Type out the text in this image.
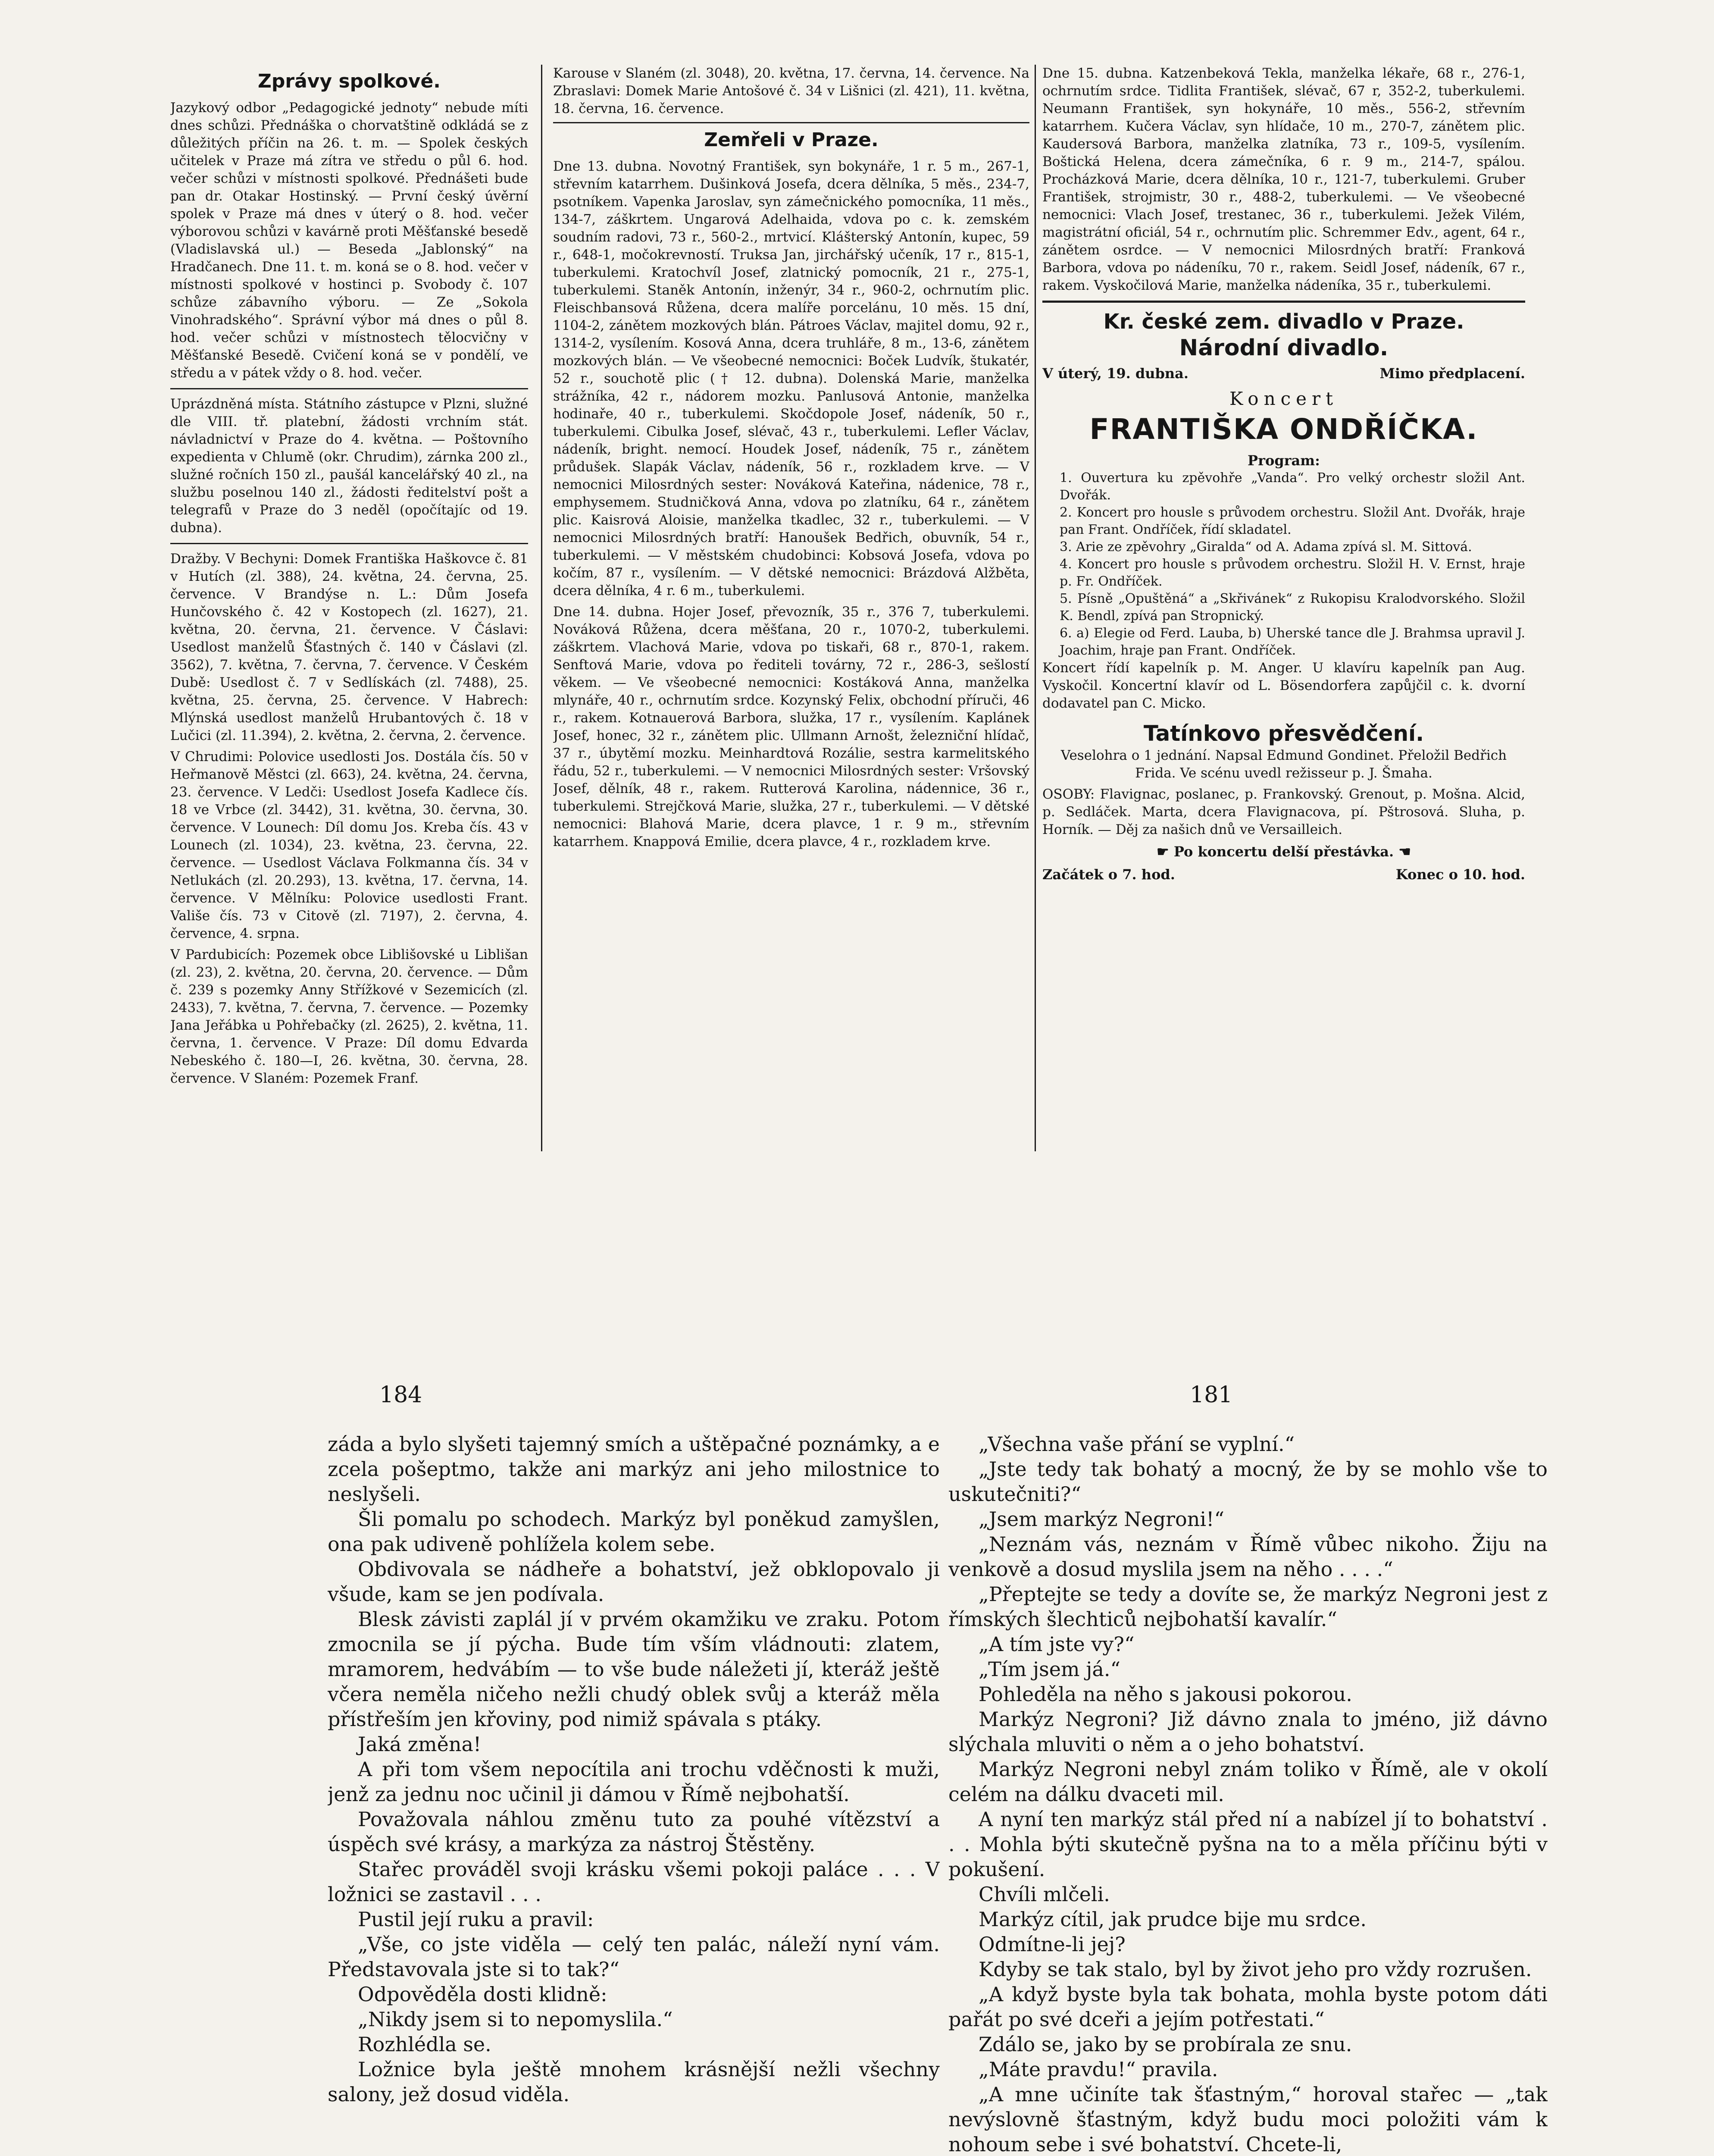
Zprávy spolkové.

Jazykový odbor „Pedagogické jednoty“ nebude míti dnes schůzi. Přednáška o chorvatštině odkládá se z důležitých příčin na 26. t. m. — Spolek českých učitelek v Praze má zítra ve středu o půl 6. hod. večer schůzi v místnosti spolkové. Přednášeti bude pan dr. Otakar Hostinský. — První český úvěrní spolek v Praze má dnes v úterý o 8. hod. večer výborovou schůzi v kavárně proti Měšťanské besedě (Vladislavská ul.) — Beseda „Jablonský“ na Hradčanech. Dne 11. t. m. koná se o 8. hod. večer v místnosti spolkové v hostinci p. Svobody č. 107 schůze zábavního výboru. — Ze „Sokola Vinohradského“. Správní výbor má dnes o půl 8. hod. večer schůzi v místnostech tělocvičny v Měšťanské Besedě. Cvičení koná se v pondělí, ve středu a v pátek vždy o 8. hod. večer.

Uprázdněná místa. Státního zástupce v Plzni, služné dle VIII. tř. platební, žádosti vrchním stát. návladnictví v Praze do 4. května. — Poštovního expedienta v Chlumě (okr. Chrudim), zárnka 200 zl., služné ročních 150 zl., paušál kancelářský 40 zl., na službu poselnou 140 zl., žádosti ředitelství pošt a telegrafů v Praze do 3 neděl (opočítajíc od 19. dubna).

Dražby. V Bechyni: Domek Františka Haškovce č. 81 v Hutích (zl. 388), 24. května, 24. června, 25. července. V Brandýse n. L.: Dům Josefa Hunčovského č. 42 v Kostopech (zl. 1627), 21. května, 20. června, 21. července. V Čáslavi: Usedlost manželů Šťastných č. 140 v Čáslavi (zl. 3562), 7. května, 7. června, 7. července. V Českém Dubě: Usedlost č. 7 v Sedlískách (zl. 7488), 25. května, 25. června, 25. července. V Habrech: Mlýnská usedlost manželů Hrubantových č. 18 v Lučici (zl. 11.394), 2. května, 2. června, 2. července.

V Chrudimi: Polovice usedlosti Jos. Dostála čís. 50 v Heřmanově Městci (zl. 663), 24. května, 24. června, 23. července. V Ledči: Usedlost Josefa Kadlece čís. 18 ve Vrbce (zl. 3442), 31. května, 30. června, 30. července. V Lounech: Díl domu Jos. Kreba čís. 43 v Lounech (zl. 1034), 23. května, 23. června, 22. července. — Usedlost Václava Folkmanna čís. 34 v Netlukách (zl. 20.293), 13. května, 17. června, 14. července. V Mělníku: Polovice usedlosti Frant. Vališe čís. 73 v Citově (zl. 7197), 2. června, 4. července, 4. srpna.

V Pardubicích: Pozemek obce Liblišovské u Liblišan (zl. 23), 2. května, 20. června, 20. července. — Dům č. 239 s pozemky Anny Střížkové v Sezemicích (zl. 2433), 7. května, 7. června, 7. července. — Pozemky Jana Jeřábka u Pohřebačky (zl. 2625), 2. května, 11. června, 1. července. V Praze: Díl domu Edvarda Nebeského č. 180—I, 26. května, 30. června, 28. července. V Slaném: Pozemek Franf.

Karouse v Slaném (zl. 3048), 20. května, 17. června, 14. července. Na Zbraslavi: Domek Marie Antošové č. 34 v Lišnici (zl. 421), 11. května, 18. června, 16. července.

Zemřeli v Praze.

Dne 13. dubna. Novotný František, syn bokynáře, 1 r. 5 m., 267-1, střevním katarrhem. Dušinková Josefa, dcera dělníka, 5 měs., 234-7, psotníkem. Vapenka Jaroslav, syn zámečnického pomocníka, 11 měs., 134-7, záškrtem. Ungarová Adelhaida, vdova po c. k. zemském soudním radovi, 73 r., 560-2., mrtvicí. Klášterský Antonín, kupec, 59 r., 648-1, močokrevností. Truksa Jan, jirchářský učeník, 17 r., 815-1, tuberkulemi. Kratochvíl Josef, zlatnický pomocník, 21 r., 275-1, tuberkulemi. Staněk Antonín, inženýr, 34 r., 960-2, ochrnutím plic. Fleischbansová Růžena, dcera malíře porcelánu, 10 měs. 15 dní, 1104-2, zánětem mozkových blán. Pátroes Václav, majitel domu, 92 r., 1314-2, vysílením. Kosová Anna, dcera truhláře, 8 m., 13-6, zánětem mozkových blán. — Ve všeobecné nemocnici: Boček Ludvík, štukatér, 52 r., souchotě plic († 12. dubna). Dolenská Marie, manželka strážníka, 42 r., nádorem mozku. Panlusová Antonie, manželka hodinaře, 40 r., tuberkulemi. Skočdopole Josef, nádeník, 50 r., tuberkulemi. Cibulka Josef, slévač, 43 r., tuberkulemi. Lefler Václav, nádeník, bright. nemocí. Houdek Josef, nádeník, 75 r., zánětem průdušek. Slapák Václav, nádeník, 56 r., rozkladem krve. — V nemocnici Milosrdných sester: Nováková Kateřina, nádenice, 78 r., emphysemem. Studničková Anna, vdova po zlatníku, 64 r., zánětem plic. Kaisrová Aloisie, manželka tkadlec, 32 r., tuberkulemi. — V nemocnici Milosrdných bratří: Hanoušek Bedřich, obuvník, 54 r., tuberkulemi. — V městském chudobinci: Kobsová Josefa, vdova po kočím, 87 r., vysílením. — V dětské nemocnici: Brázdová Alžběta, dcera dělníka, 4 r. 6 m., tuberkulemi.

Dne 14. dubna. Hojer Josef, převozník, 35 r., 376 7, tuberkulemi. Nováková Růžena, dcera měšťana, 20 r., 1070-2, tuberkulemi. záškrtem. Vlachová Marie, vdova po tiskaři, 68 r., 870-1, rakem. Senftová Marie, vdova po řediteli továrny, 72 r., 286-3, sešlostí věkem. — Ve všeobecné nemocnici: Kostáková Anna, manželka mlynáře, 40 r., ochrnutím srdce. Kozynský Felix, obchodní příruči, 46 r., rakem. Kotnauerová Barbora, služka, 17 r., vysílením. Kaplánek Josef, honec, 32 r., zánětem plic. Ullmann Arnošt, železniční hlídač, 37 r., úbytěmí mozku. Meinhardtová Rozálie, sestra karmelitského řádu, 52 r., tuberkulemi. — V nemocnici Milosrdných sester: Vršovský Josef, dělník, 48 r., rakem. Rutterová Karolina, nádennice, 36 r., tuberkulemi. Strejčková Marie, služka, 27 r., tuberkulemi. — V dětské nemocnici: Blahová Marie, dcera plavce, 1 r. 9 m., střevním katarrhem. Knappová Emilie, dcera plavce, 4 r., rozkladem krve.

Dne 15. dubna. Katzenbeková Tekla, manželka lékaře, 68 r., 276-1, ochrnutím srdce. Tidlita František, slévač, 67 r, 352-2, tuberkulemi. Neumann František, syn hokynáře, 10 měs., 556-2, střevním katarrhem. Kučera Václav, syn hlídače, 10 m., 270-7, zánětem plic. Kaudersová Barbora, manželka zlatníka, 73 r., 109-5, vysílením. Boštická Helena, dcera zámečníka, 6 r. 9 m., 214-7, spálou. Procházková Marie, dcera dělníka, 10 r., 121-7, tuberkulemi. Gruber František, strojmistr, 30 r., 488-2, tuberkulemi. — Ve všeobecné nemocnici: Vlach Josef, trestanec, 36 r., tuberkulemi. Ježek Vilém, magistrátní oficiál, 54 r., ochrnutím plic. Schremmer Edv., agent, 64 r., zánětem osrdce. — V nemocnici Milosrdných bratří: Franková Barbora, vdova po nádeníku, 70 r., rakem. Seidl Josef, nádeník, 67 r., rakem. Vyskočilová Marie, manželka nádeníka, 35 r., tuberkulemi.

Kr. české zem. divadlo v Praze.
Národní divadlo.
V úterý, 19. dubna.	Mimo předplacení.
Koncert
FRANTIŠKA ONDŘÍČKA.
Program:
1. Ouvertura ku zpěvohře „Vanda“. Pro velký orchestr složil Ant. Dvořák.
2. Koncert pro housle s průvodem orchestru. Složil Ant. Dvořák, hraje pan Frant. Ondříček, řídí skladatel.
3. Arie ze zpěvohry „Giralda“ od A. Adama zpívá sl. M. Sittová.
4. Koncert pro housle s průvodem orchestru. Složil H. V. Ernst, hraje p. Fr. Ondříček.
5. Písně „Opuštěná“ a „Skřivánek“ z Rukopisu Kralodvorského. Složil K. Bendl, zpívá pan Stropnický.
6. a) Elegie od Ferd. Lauba, b) Uherské tance dle J. Brahmsa upravil J. Joachim, hraje pan Frant. Ondříček.

Koncert řídí kapelník p. M. Anger. U klavíru kapelník pan Aug. Vyskočil. Koncertní klavír od L. Bösendorfera zapůjčil c. k. dvorní dodavatel pan C. Micko.

Tatínkovo přesvědčení.

Veselohra o 1 jednání. Napsal Edmund Gondinet. Přeložil Bedřich Frida. Ve scénu uvedl režisseur p. J. Šmaha.

OSOBY: Flavignac, poslanec, p. Frankovský. Grenout, p. Mošna. Alcid, p. Sedláček. Marta, dcera Flavignacova, pí. Pštrosová. Sluha, p. Horník. — Děj za našich dnů ve Versailleich.

☛ Po koncertu delší přestávka. ☚
Začátek o 7. hod.	Konec o 10. hod.
184	181

záda a bylo slyšeti tajemný smích a uštěpačné poznámky, a e zcela pošeptmo, takže ani markýz ani jeho milostnice to neslyšeli.

Šli pomalu po schodech. Markýz byl poněkud zamyšlen, ona pak udiveně pohlížela kolem sebe.

Obdivovala se nádheře a bohatství, jež obklopovalo ji všude, kam se jen podívala.

Blesk závisti zaplál jí v prvém okamžiku ve zraku. Potom zmocnila se jí pýcha. Bude tím vším vládnouti: zlatem, mramorem, hedvábím — to vše bude náležeti jí, kteráž ještě včera neměla ničeho nežli chudý oblek svůj a kteráž měla přístřeším jen křoviny, pod nimiž spávala s ptáky.

Jaká změna!

A při tom všem nepocítila ani trochu vděčnosti k muži, jenž za jednu noc učinil ji dámou v Římě nejbohatší.

Považovala náhlou změnu tuto za pouhé vítězství a úspěch své krásy, a markýza za nástroj Štěstěny.

Stařec prováděl svoji krásku všemi pokoji paláce . . . V ložnici se zastavil . . .

Pustil její ruku a pravil:

„Vše, co jste viděla — celý ten palác, náleží nyní vám. Představovala jste si to tak?“

Odpověděla dosti klidně:

„Nikdy jsem si to nepomyslila.“

Rozhlédla se.

Ložnice byla ještě mnohem krásnější nežli všechny salony, jež dosud viděla.

„Všechna vaše přání se vyplní.“

„Jste tedy tak bohatý a mocný, že by se mohlo vše to uskutečniti?“

„Jsem markýz Negroni!“

„Neznám vás, neznám v Římě vůbec nikoho. Žiju na venkově a dosud myslila jsem na něho . . . .“

„Přeptejte se tedy a dovíte se, že markýz Negroni jest z římských šlechticů nejbohatší kavalír.“

„A tím jste vy?“

„Tím jsem já.“

Pohleděla na něho s jakousi pokorou.

Markýz Negroni? Již dávno znala to jméno, již dávno slýchala mluviti o něm a o jeho bohatství.

Markýz Negroni nebyl znám toliko v Římě, ale v okolí celém na dálku dvaceti mil.

A nyní ten markýz stál před ní a nabízel jí to bohatství . . . Mohla býti skutečně pyšna na to a měla příčinu býti v pokušení.

Chvíli mlčeli.

Markýz cítil, jak prudce bije mu srdce.

Odmítne-li jej?

Kdyby se tak stalo, byl by život jeho pro vždy rozrušen.

„A když byste byla tak bohata, mohla byste potom dáti pařát po své dceři a jejím potřestati.“

Zdálo se, jako by se probírala ze snu.

„Máte pravdu!“ pravila.

„A mne učiníte tak šťastným,“ horoval stařec — „tak nevýslovně šťastným, když budu moci položiti vám k nohoum sebe i své bohatství. Chcete-li,
